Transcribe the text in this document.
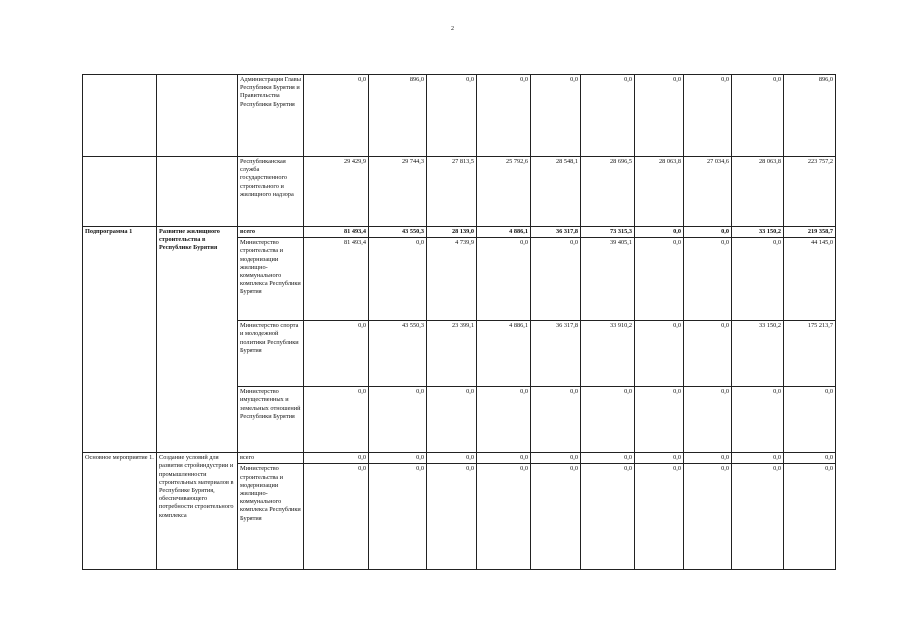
2
		Администрация Главы Республики Бурятия и Правительства Республики Бурятия	0,0	896,0	0,0	0,0	0,0	0,0	0,0	0,0	0,0	896,0
		Республиканская служба государственного строительного и жилищного надзора	29 429,9	29 744,3	27 813,5	25 792,6	28 548,1	28 696,5	28 063,8	27 034,6	28 063,8	223 757,2
Подпрограмма 1	Развитие жилищного строительства в Республике Бурятия	всего	81 493,4	43 550,3	28 139,0	4 886,1	36 317,8	73 315,3	0,0	0,0	33 150,2	219 358,7
		Министерство строительства и модернизации жилищно-коммунального комплекса Республики Бурятия	81 493,4	0,0	4 739,9	0,0	0,0	39 405,1	0,0	0,0	0,0	44 145,0
		Министерство спорта и молодежной политики Республики Бурятия	0,0	43 550,3	23 399,1	4 886,1	36 317,8	33 910,2	0,0	0,0	33 150,2	175 213,7
		Министерство имущественных и земельных отношений Республики Бурятия	0,0	0,0	0,0	0,0	0,0	0,0	0,0	0,0	0,0	0,0
Основное мероприятие 1.	Создание условий для развития стройиндустрии и промышленности строительных материалов в Республике Бурятия, обеспечивающего потребности строительного комплекса	всего	0,0	0,0	0,0	0,0	0,0	0,0	0,0	0,0	0,0	0,0
		Министерство строительства и модернизации жилищно-коммунального комплекса Республики Бурятия	0,0	0,0	0,0	0,0	0,0	0,0	0,0	0,0	0,0	0,0
